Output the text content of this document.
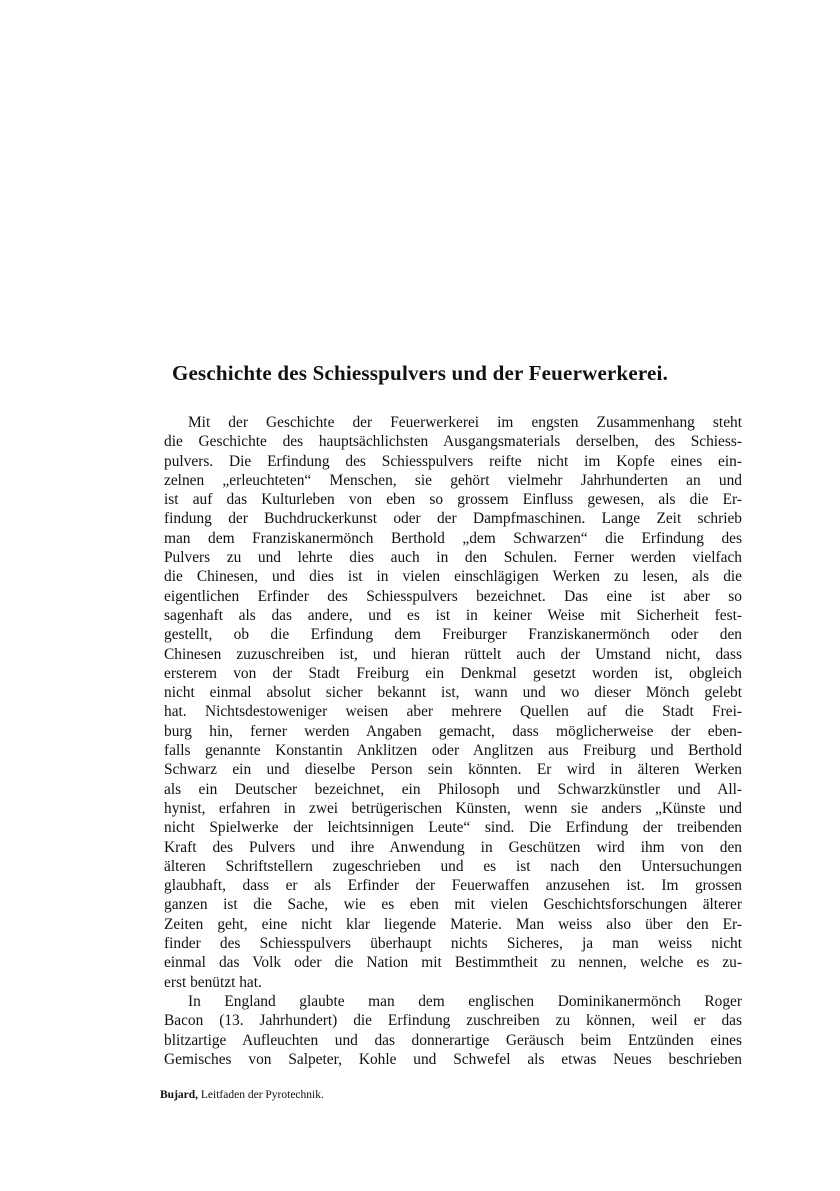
Geschichte des Schiesspulvers und der Feuerwerkerei.
Mit der Geschichte der Feuerwerkerei im engsten Zusammenhang steht
die Geschichte des hauptsächlichsten Ausgangsmaterials derselben, des Schiess-
pulvers. Die Erfindung des Schiesspulvers reifte nicht im Kopfe eines ein-
zelnen „erleuchteten“ Menschen, sie gehört vielmehr Jahrhunderten an und
ist auf das Kulturleben von eben so grossem Einfluss gewesen, als die Er-
findung der Buchdruckerkunst oder der Dampfmaschinen. Lange Zeit schrieb
man dem Franziskanermönch Berthold „dem Schwarzen“ die Erfindung des
Pulvers zu und lehrte dies auch in den Schulen. Ferner werden vielfach
die Chinesen, und dies ist in vielen einschlägigen Werken zu lesen, als die
eigentlichen Erfinder des Schiesspulvers bezeichnet. Das eine ist aber so
sagenhaft als das andere, und es ist in keiner Weise mit Sicherheit fest-
gestellt, ob die Erfindung dem Freiburger Franziskanermönch oder den
Chinesen zuzuschreiben ist, und hieran rüttelt auch der Umstand nicht, dass
ersterem von der Stadt Freiburg ein Denkmal gesetzt worden ist, obgleich
nicht einmal absolut sicher bekannt ist, wann und wo dieser Mönch gelebt
hat. Nichtsdestoweniger weisen aber mehrere Quellen auf die Stadt Frei-
burg hin, ferner werden Angaben gemacht, dass möglicherweise der eben-
falls genannte Konstantin Anklitzen oder Anglitzen aus Freiburg und Berthold
Schwarz ein und dieselbe Person sein könnten. Er wird in älteren Werken
als ein Deutscher bezeichnet, ein Philosoph und Schwarzkünstler und All-
hynist, erfahren in zwei betrügerischen Künsten, wenn sie anders „Künste und
nicht Spielwerke der leichtsinnigen Leute“ sind. Die Erfindung der treibenden
Kraft des Pulvers und ihre Anwendung in Geschützen wird ihm von den
älteren Schriftstellern zugeschrieben und es ist nach den Untersuchungen
glaubhaft, dass er als Erfinder der Feuerwaffen anzusehen ist. Im grossen
ganzen ist die Sache, wie es eben mit vielen Geschichtsforschungen älterer
Zeiten geht, eine nicht klar liegende Materie. Man weiss also über den Er-
finder des Schiesspulvers überhaupt nichts Sicheres, ja man weiss nicht
einmal das Volk oder die Nation mit Bestimmtheit zu nennen, welche es zu-
erst benützt hat.
In England glaubte man dem englischen Dominikanermönch Roger
Bacon (13. Jahrhundert) die Erfindung zuschreiben zu können, weil er das
blitzartige Aufleuchten und das donnerartige Geräusch beim Entzünden eines
Gemisches von Salpeter, Kohle und Schwefel als etwas Neues beschrieben
Bujard, Leitfaden der Pyrotechnik.
